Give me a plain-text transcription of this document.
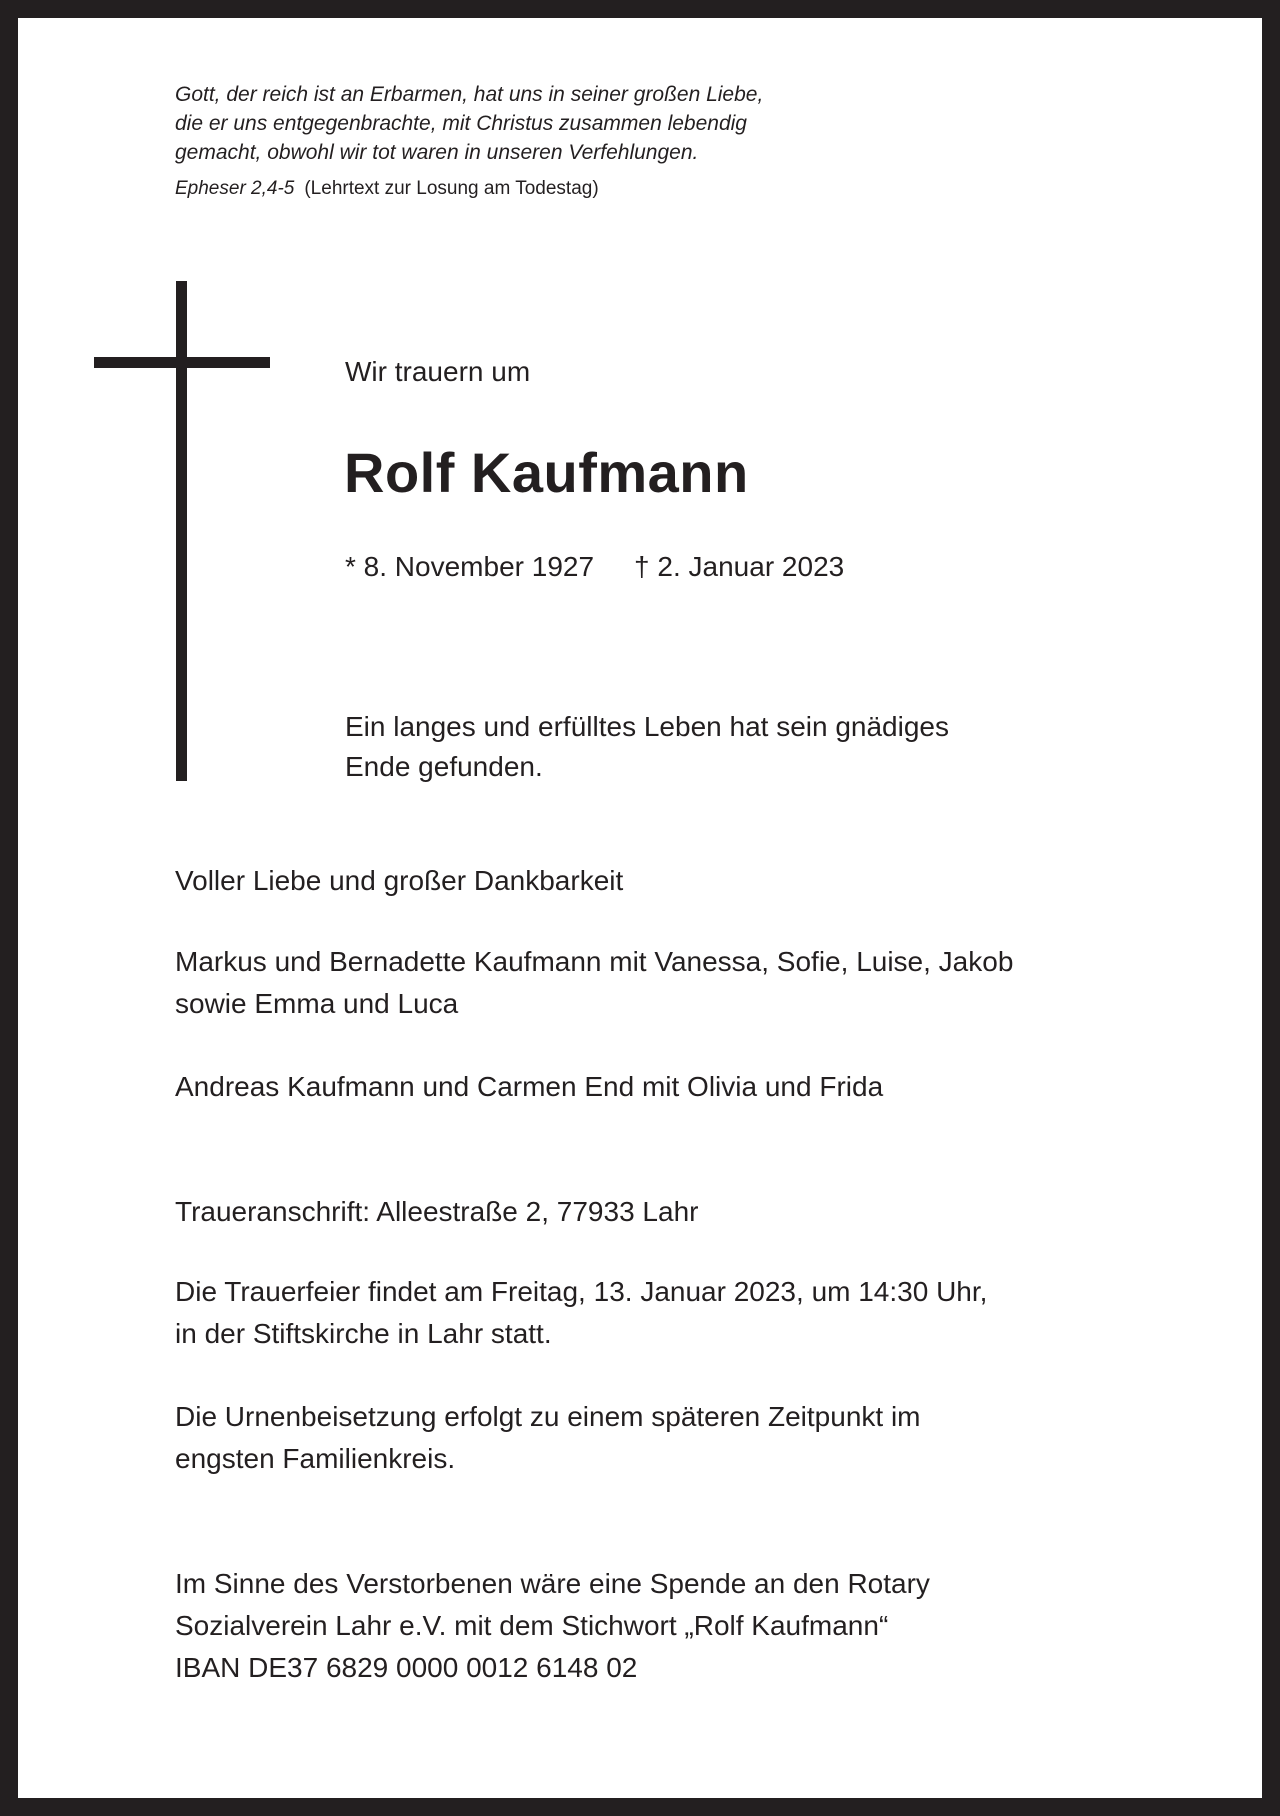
Gott, der reich ist an Erbarmen, hat uns in seiner großen Liebe,
die er uns entgegenbrachte, mit Christus zusammen lebendig
gemacht, obwohl wir tot waren in unseren Verfehlungen.
Epheser 2,4-5 (Lehrtext zur Losung am Todestag)
Wir trauern um
Rolf Kaufmann
* 8. November 1927 † 2. Januar 2023

Ein langes und erfülltes Leben hat sein gnädiges

Ende gefunden.

Voller Liebe und großer Dankbarkeit

Markus und Bernadette Kaufmann mit Vanessa, Sofie, Luise, Jakob

sowie Emma und Luca

Andreas Kaufmann und Carmen End mit Olivia und Frida

Traueranschrift: Alleestraße 2, 77933 Lahr

Die Trauerfeier findet am Freitag, 13. Januar 2023, um 14:30 Uhr,

in der Stiftskirche in Lahr statt.

Die Urnenbeisetzung erfolgt zu einem späteren Zeitpunkt im

engsten Familienkreis.

Im Sinne des Verstorbenen wäre eine Spende an den Rotary

Sozialverein Lahr e.V. mit dem Stichwort „Rolf Kaufmann“

IBAN DE37 6829 0000 0012 6148 02
